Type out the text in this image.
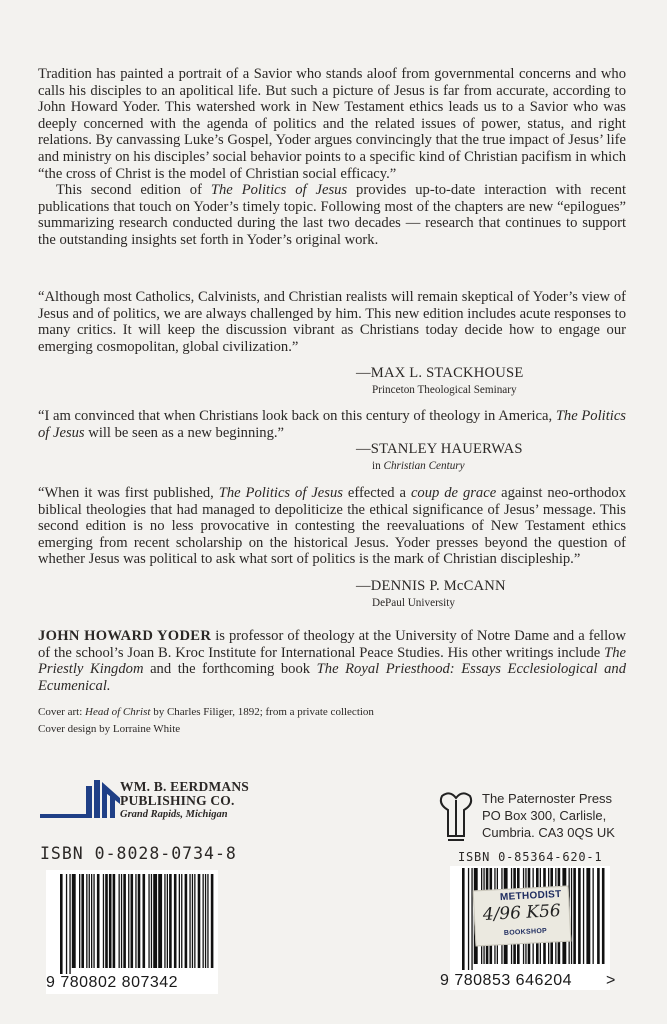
Tradition has painted a portrait of a Savior who stands aloof from governmental concerns and who calls his disciples to an apolitical life. But such a picture of Jesus is far from accurate, according to John Howard Yoder. This watershed work in New Testament ethics leads us to a Savior who was deeply concerned with the agenda of politics and the related issues of power, status, and right relations. By canvassing Luke’s Gospel, Yoder argues convincingly that the true impact of Jesus’ life and ministry on his disciples’ social behavior points to a specific kind of Christian pacifism in which “the cross of Christ is the model of Christian social efficacy.”

This second edition of The Politics of Jesus provides up-to-date interaction with recent publications that touch on Yoder’s timely topic. Following most of the chapters are new “epilogues” summarizing research conducted during the last two decades — research that continues to support the outstanding insights set forth in Yoder’s original work.

“Although most Catholics, Calvinists, and Christian realists will remain skeptical of Yoder’s view of Jesus and of politics, we are always challenged by him. This new edition includes acute responses to many critics. It will keep the discussion vibrant as Christians today decide how to engage our emerging cosmopolitan, global civilization.”

—MAX L. STACKHOUSE
Princeton Theological Seminary

“I am convinced that when Christians look back on this century of theology in America, The Politics of Jesus will be seen as a new beginning.”

—STANLEY HAUERWAS
in Christian Century

“When it was first published, The Politics of Jesus effected a coup de grace against neo-orthodox biblical theologies that had managed to depoliticize the ethical significance of Jesus’ message. This second edition is no less provocative in contesting the reevaluations of New Testament ethics emerging from recent scholarship on the historical Jesus. Yoder presses beyond the question of whether Jesus was political to ask what sort of politics is the mark of Christian discipleship.”

—DENNIS P. McCANN
DePaul University

JOHN HOWARD YODER is professor of theology at the University of Notre Dame and a fellow of the school’s Joan B. Kroc Institute for International Peace Studies. His other writings include The Priestly Kingdom and the forthcoming book The Royal Priesthood: Essays Ecclesiological and Ecumenical.

Cover art: Head of Christ by Charles Filiger, 1892; from a private collection
Cover design by Lorraine White
WM. B. EERDMANS
PUBLISHING CO.
Grand Rapids, Michigan
The Paternoster Press
PO Box 300, Carlisle,
Cumbria. CA3 0QS UK
ISBN 0-8028-0734-8	ISBN 0-85364-620-1
9 780802 807342	9 780853 646204 >
METHODIST
4/96 K56
BOOKSHOP
